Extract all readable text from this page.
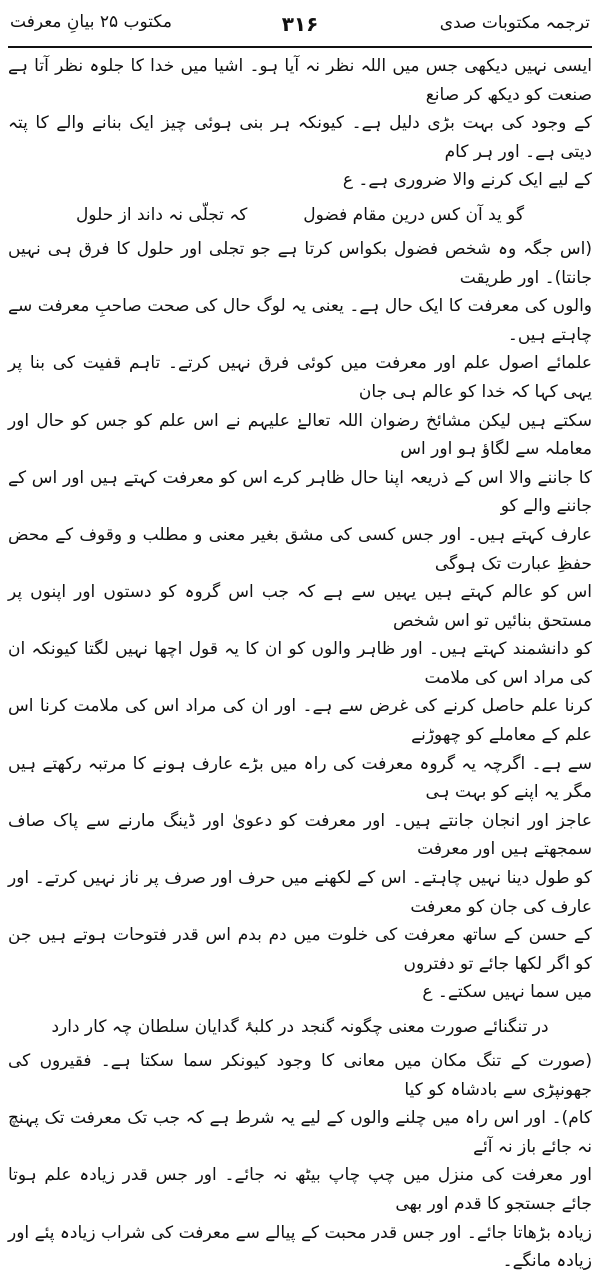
ترجمہ مکتوبات صدی
۳۱۶
مکتوب ۲۵ بیانِ معرفت

ایسی نہیں دیکھی جس میں اللہ نظر نہ آیا ہو۔ اشیا میں خدا کا جلوہ نظر آتا ہے صنعت کو دیکھ کر صانع

کے وجود کی بہت بڑی دلیل ہے۔ کیونکہ ہر بنی ہوئی چیز ایک بنانے والے کا پتہ دیتی ہے۔ اور ہر کام

کے لیے ایک کرنے والا ضروری ہے۔ ع

گو ید آن کس درین مقام فضول
کہ تجلّی نہ داند از حلول

(اس جگہ وہ شخص فضول بکواس کرتا ہے جو تجلی اور حلول کا فرق ہی نہیں جانتا)۔ اور طریقت

والوں کی معرفت کا ایک حال ہے۔ یعنی یہ لوگ حال کی صحت صاحبِ معرفت سے چاہتے ہیں۔

علمائے اصول علم اور معرفت میں کوئی فرق نہیں کرتے۔ تاہم قفیت کی بنا پر یہی کہا کہ خدا کو عالم ہی جان

سکتے ہیں لیکن مشائخ رضوان اللہ تعالےٰ علیہم نے اس علم کو جس کو حال اور معاملہ سے لگاؤ ہو اور اس

کا جاننے والا اس کے ذریعہ اپنا حال ظاہر کرے اس کو معرفت کہتے ہیں اور اس کے جاننے والے کو

عارف کہتے ہیں۔ اور جس کسی کی مشق بغیر معنی و مطلب و وقوف کے محض حفظِ عبارت تک ہوگی

اس کو عالم کہتے ہیں یہیں سے ہے کہ جب اس گروہ کو دستوں اور اپنوں پر مستحق بنائیں تو اس شخص

کو دانشمند کہتے ہیں۔ اور ظاہر والوں کو ان کا یہ قول اچھا نہیں لگتا کیونکہ ان کی مراد اس کی ملامت

کرنا علم حاصل کرنے کی غرض سے ہے۔ اور ان کی مراد اس کی ملامت کرنا اس علم کے معاملے کو چھوڑنے

سے ہے۔ اگرچہ یہ گروہ معرفت کی راہ میں بڑے عارف ہونے کا مرتبہ رکھتے ہیں مگر یہ اپنے کو بہت ہی

عاجز اور انجان جانتے ہیں۔ اور معرفت کو دعویٰ اور ڈینگ مارنے سے پاک صاف سمجھتے ہیں اور معرفت

کو طول دینا نہیں چاہتے۔ اس کے لکھنے میں حرف اور صرف پر ناز نہیں کرتے۔ اور عارف کی جان کو معرفت

کے حسن کے ساتھ معرفت کی خلوت میں دم بدم اس قدر فتوحات ہوتے ہیں جن کو اگر لکھا جائے تو دفتروں

میں سما نہیں سکتے۔ ع

در تنگنائے صورت معنی چگونہ گنجد
در کلبۂ گدایان سلطان چہ کار دارد

(صورت کے تنگ مکان میں معانی کا وجود کیونکر سما سکتا ہے۔ فقیروں کی جھونپڑی سے بادشاہ کو کیا

کام)۔ اور اس راہ میں چلنے والوں کے لیے یہ شرط ہے کہ جب تک معرفت تک پہنچ نہ جائے باز نہ آئے

اور معرفت کی منزل میں چپ چاپ بیٹھ نہ جائے۔ اور جس قدر زیادہ علم ہوتا جائے جستجو کا قدم اور بھی

زیادہ بڑھاتا جائے۔ اور جس قدر محبت کے پیالے سے معرفت کی شراب زیادہ پئے اور زیادہ مانگے۔
